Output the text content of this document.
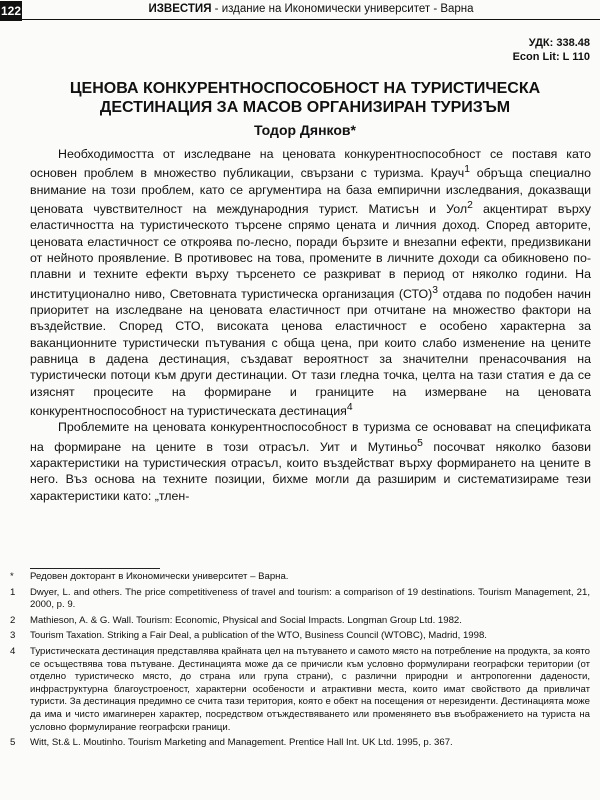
122	ИЗВЕСТИЯ - издание на Икономически университет - Варна
УДК: 338.48
Econ Lit: L 110
ЦЕНОВА КОНКУРЕНТНОСПОСОБНОСТ НА ТУРИСТИЧЕСКА
ДЕСТИНАЦИЯ ЗА МАСОВ ОРГАНИЗИРАН ТУРИЗЪМ
Тодор Дянков*

Необходимостта от изследване на ценовата конкурентноспособност се поставя като основен проблем в множество публикации, свързани с туризма. Крауч$^1$ обръща специално внимание на този проблем, като се аргументира на база емпирични изследвания, доказващи ценовата чувствителност на международния турист. Матисън и Уол$^2$ акцентират върху еластичността на туристическото търсене спрямо цената и личния доход. Според авторите, ценовата еластичност се откроява по-лесно, поради бързите и внезапни ефекти, предизвикани от нейното проявление. В противовес на това, промените в личните доходи са обикновено по-плавни и техните ефекти върху търсенето се разкриват в период от няколко години. На институционално ниво, Световната туристическа организация (СТО)$^3$ отдава по подобен начин приоритет на изследване на ценовата еластичност при отчитане на множество фактори на въздействие. Според СТО, високата ценова еластичност е особено характерна за ваканционните туристически пътувания с обща цена, при които слабо изменение на цените равница в дадена дестинация, създават вероятност за значителни пренасочвания на туристически потоци към други дестинации. От тази гледна точка, целта на тази статия е да се изяснят процесите на формиране и границите на измерване на ценовата конкурентноспособност на туристическата дестинация$^4$

Проблемите на ценовата конкурентноспособност в туризма се основават на спецификата на формиране на цените в този отрасъл. Уит и Мутиньо$^5$ посочват няколко базови характеристики на туристическия отрасъл, които въздействат върху формирането на цените в него. Въз основа на техните позиции, бихме могли да разширим и систематизираме тези характеристики като: „тлен-

*	Редовен докторант в Икономически университет – Варна.
1	Dwyer, L. and others. The price competitiveness of travel and tourism: a comparison of 19 destinations. Tourism Management, 21, 2000, p. 9.
2	Mathieson, A. & G. Wall. Tourism: Economic, Physical and Social Impacts. Longman Group Ltd. 1982.
3	Tourism Taxation. Striking a Fair Deal, a publication of the WTO, Business Council (WTOBC), Madrid, 1998.
4	Туристическата дестинация представлява крайната цел на пътуването и самото място на потребление на продукта, за която се осъществява това пътуване. Дестинацията може да се причисли към условно формулирани географски територии (от отделно туристическо място, до страна или група страни), с различни природни и антропогенни дадености, инфраструктурна благоустроеност, характерни особености и атрактивни места, които имат свойството да привличат туристи. За дестинация предимно се счита тази територия, която е обект на посещения от нерезиденти. Дестинацията може да има и чисто имагинерен характер, посредством отъждествяването или променянето във въображението на туриста на условно формулирание географски граници.
5	Witt, St.& L. Moutinho. Tourism Marketing and Management. Prentice Hall Int. UK Ltd. 1995, p. 367.
